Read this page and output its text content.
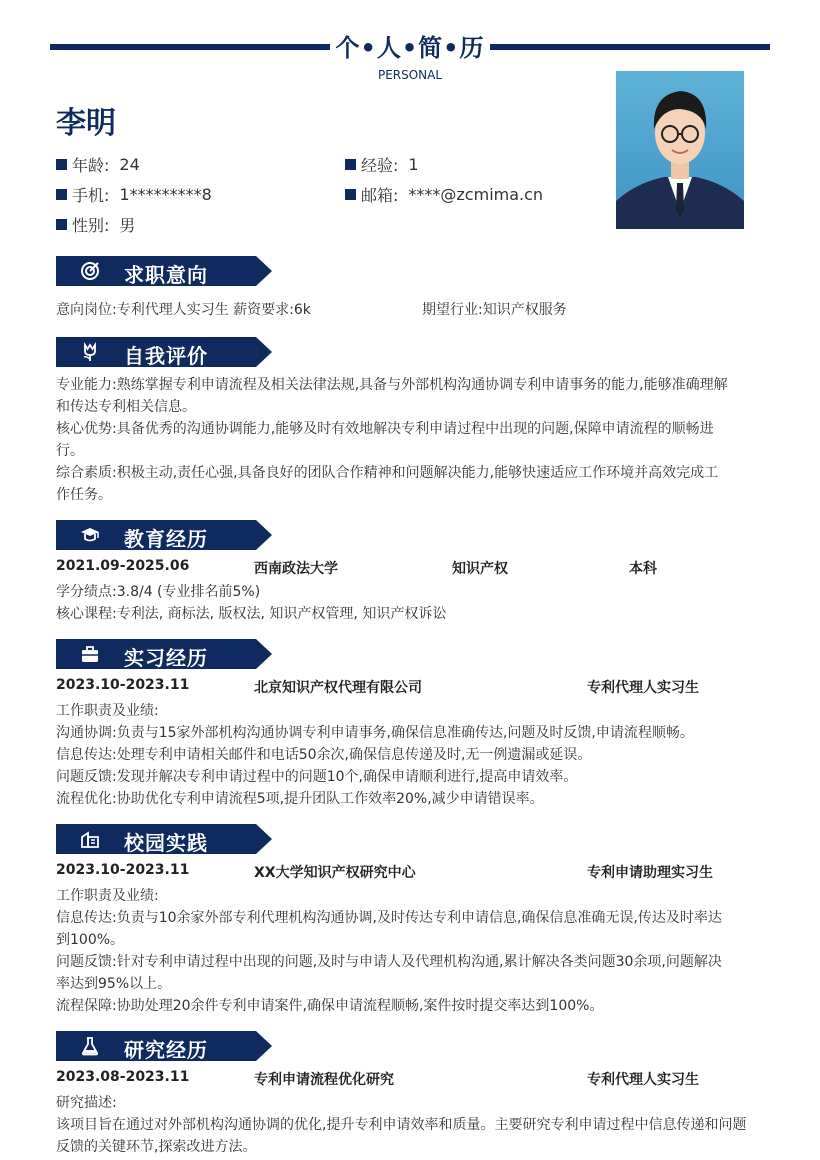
个•人•简•历
PERSONAL
李明
年龄: 24	经验: 1
手机: 1*********8	邮箱: ****@zcmima.cn
性别: 男
求职意向
意向岗位:专利代理人实习生 薪资要求:6k	期望行业:知识产权服务
自我评价
专业能力:熟练掌握专利申请流程及相关法律法规,具备与外部机构沟通协调专利申请事务的能力,能够准确理解
和传达专利相关信息。
核心优势:具备优秀的沟通协调能力,能够及时有效地解决专利申请过程中出现的问题,保障申请流程的顺畅进
行。
综合素质:积极主动,责任心强,具备良好的团队合作精神和问题解决能力,能够快速适应工作环境并高效完成工
作任务。
教育经历
2021.09-2025.06	西南政法大学	知识产权	本科
学分绩点:3.8/4 (专业排名前5%)
核心课程:专利法, 商标法, 版权法, 知识产权管理, 知识产权诉讼
实习经历
2023.10-2023.11	北京知识产权代理有限公司	专利代理人实习生
工作职责及业绩:
沟通协调:负责与15家外部机构沟通协调专利申请事务,确保信息准确传达,问题及时反馈,申请流程顺畅。
信息传达:处理专利申请相关邮件和电话50余次,确保信息传递及时,无一例遗漏或延误。
问题反馈:发现并解决专利申请过程中的问题10个,确保申请顺利进行,提高申请效率。
流程优化:协助优化专利申请流程5项,提升团队工作效率20%,减少申请错误率。
校园实践
2023.10-2023.11	XX大学知识产权研究中心	专利申请助理实习生
工作职责及业绩:
信息传达:负责与10余家外部专利代理机构沟通协调,及时传达专利申请信息,确保信息准确无误,传达及时率达
到100%。
问题反馈:针对专利申请过程中出现的问题,及时与申请人及代理机构沟通,累计解决各类问题30余项,问题解决
率达到95%以上。
流程保障:协助处理20余件专利申请案件,确保申请流程顺畅,案件按时提交率达到100%。
研究经历
2023.08-2023.11	专利申请流程优化研究	专利代理人实习生
研究描述:
该项目旨在通过对外部机构沟通协调的优化,提升专利申请效率和质量。主要研究专利申请过程中信息传递和问题
反馈的关键环节,探索改进方法。
